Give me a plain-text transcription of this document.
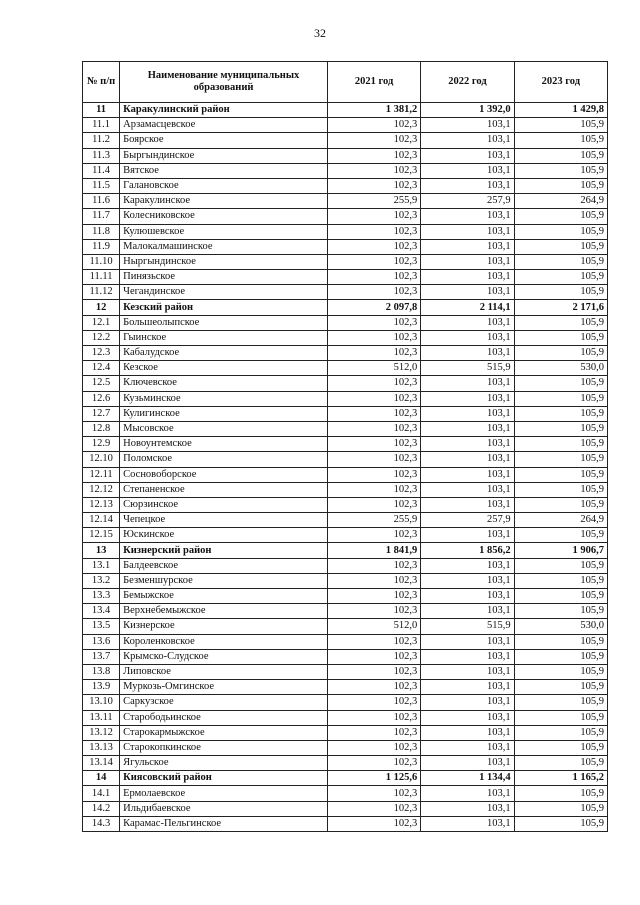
32
№ п/п	Наименование муниципальных образований	2021 год	2022 год	2023 год
11	Каракулинский район	1 381,2	1 392,0	1 429,8
11.1	Арзамасцевское	102,3	103,1	105,9
11.2	Боярское	102,3	103,1	105,9
11.3	Быргындинское	102,3	103,1	105,9
11.4	Вятское	102,3	103,1	105,9
11.5	Галановское	102,3	103,1	105,9
11.6	Каракулинское	255,9	257,9	264,9
11.7	Колесниковское	102,3	103,1	105,9
11.8	Кулюшевское	102,3	103,1	105,9
11.9	Малокалмашинское	102,3	103,1	105,9
11.10	Ныргындинское	102,3	103,1	105,9
11.11	Пинязьское	102,3	103,1	105,9
11.12	Чегандинское	102,3	103,1	105,9
12	Кезский район	2 097,8	2 114,1	2 171,6
12.1	Большеолыпское	102,3	103,1	105,9
12.2	Гыинское	102,3	103,1	105,9
12.3	Кабалудское	102,3	103,1	105,9
12.4	Кезское	512,0	515,9	530,0
12.5	Ключевское	102,3	103,1	105,9
12.6	Кузьминское	102,3	103,1	105,9
12.7	Кулигинское	102,3	103,1	105,9
12.8	Мысовское	102,3	103,1	105,9
12.9	Новоунтемское	102,3	103,1	105,9
12.10	Поломское	102,3	103,1	105,9
12.11	Сосновоборское	102,3	103,1	105,9
12.12	Степаненское	102,3	103,1	105,9
12.13	Сюрзинское	102,3	103,1	105,9
12.14	Чепецкое	255,9	257,9	264,9
12.15	Юскинское	102,3	103,1	105,9
13	Кизнерский район	1 841,9	1 856,2	1 906,7
13.1	Балдеевское	102,3	103,1	105,9
13.2	Безменшурское	102,3	103,1	105,9
13.3	Бемыжское	102,3	103,1	105,9
13.4	Верхнебемыжское	102,3	103,1	105,9
13.5	Кизнерское	512,0	515,9	530,0
13.6	Короленковское	102,3	103,1	105,9
13.7	Крымско-Слудское	102,3	103,1	105,9
13.8	Липовское	102,3	103,1	105,9
13.9	Муркозь-Омгинское	102,3	103,1	105,9
13.10	Саркузское	102,3	103,1	105,9
13.11	Старободьинское	102,3	103,1	105,9
13.12	Старокармыжское	102,3	103,1	105,9
13.13	Старокопкинское	102,3	103,1	105,9
13.14	Ягульское	102,3	103,1	105,9
14	Киясовский район	1 125,6	1 134,4	1 165,2
14.1	Ермолаевское	102,3	103,1	105,9
14.2	Ильдибаевское	102,3	103,1	105,9
14.3	Карамас-Пельгинское	102,3	103,1	105,9
